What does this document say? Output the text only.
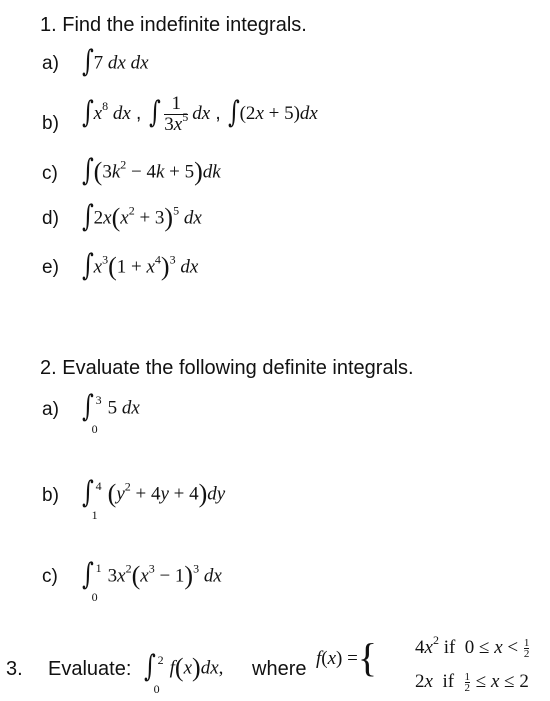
1. Find the indefinite integrals.
a) ∫7 dx dx
b) $\int x^8$ dx , ∫ $\frac{1}{3x^5}$ dx , ∫(2x + 5)dx
c) $\int(3k^2 - 4k + 5)dk$
d) $\int 2x(x^2 + 3)^5$ dx
e) $\int x^3(1 + x^4)^3$ dx
2. Evaluate the following definite integrals.
a) ∫ 3
0
5 dx
b) ∫ 4
1
$(y^2 + 4y + 4)dy$
c) ∫ 1
0
$3x^2(x^3 - 1)^3$ dx
3. Evaluate: ∫ 2
0
f(x)dx, where f(x) ={ $4x^2$ if  $0 \le x < \frac{1}{2}$
2x  if $\frac{1}{2} \le x \le 2$
